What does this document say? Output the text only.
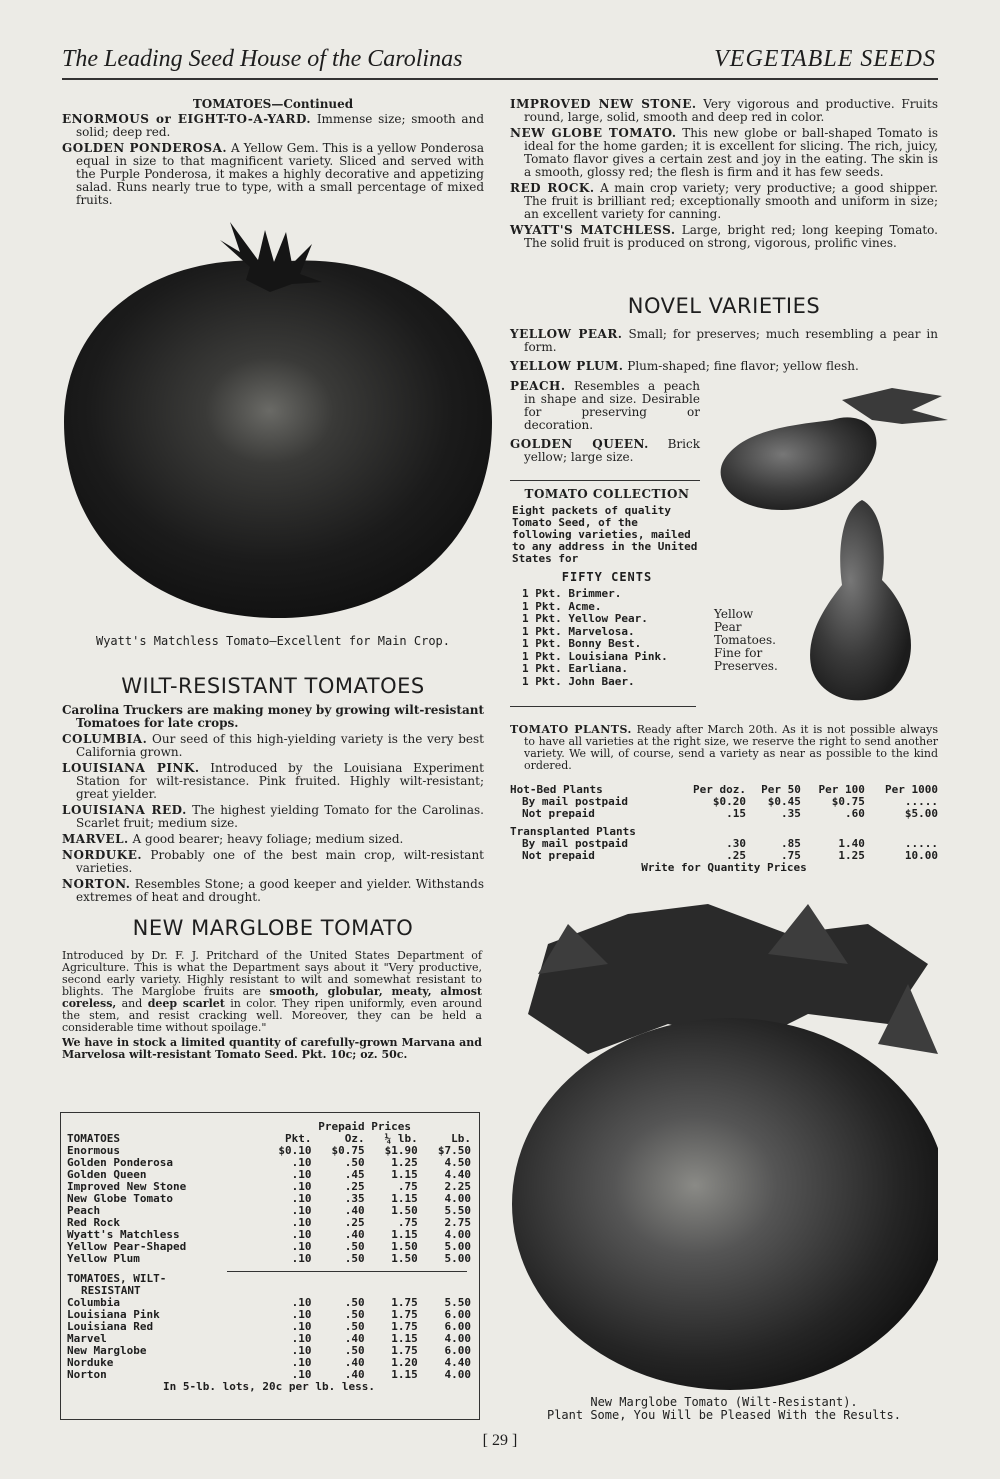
The Leading Seed House of the Carolinas	VEGETABLE SEEDS
TOMATOES—Continued

ENORMOUS or EIGHT-TO-A-YARD. Immense size; smooth and solid; deep red.

GOLDEN PONDEROSA. A Yellow Gem. This is a yellow Ponderosa equal in size to that magnificent variety. Sliced and served with the Purple Ponderosa, it makes a highly decorative and appetizing salad. Runs nearly true to type, with a small percentage of mixed fruits.

Wyatt's Matchless Tomato—Excellent for Main Crop.
WILT-RESISTANT TOMATOES

Carolina Truckers are making money by growing wilt-resistant Tomatoes for late crops.

COLUMBIA. Our seed of this high-yielding variety is the very best California grown.

LOUISIANA PINK. Introduced by the Louisiana Experiment Station for wilt-resistance. Pink fruited. Highly wilt-resistant; great yielder.

LOUISIANA RED. The highest yielding Tomato for the Carolinas. Scarlet fruit; medium size.

MARVEL. A good bearer; heavy foliage; medium sized.

NORDUKE. Probably one of the best main crop, wilt-resistant varieties.

NORTON. Resembles Stone; a good keeper and yielder. Withstands extremes of heat and drought.

NEW MARGLOBE TOMATO

Introduced by Dr. F. J. Pritchard of the United States Department of Agriculture. This is what the Department says about it "Very productive, second early variety. Highly resistant to wilt and somewhat resistant to blights. The Marglobe fruits are smooth, globular, meaty, almost coreless, and deep scarlet in color. They ripen uniformly, even around the stem, and resist cracking well. Moreover, they can be held a considerable time without spoilage."

We have in stock a limited quantity of carefully-grown Marvana and Marvelosa wilt-resistant Tomato Seed. Pkt. 10c; oz. 50c.

	Prepaid Prices			
TOMATOES	Pkt.	Oz.	¼ lb.	Lb.
Enormous	$0.10	$0.75	$1.90	$7.50
Golden Ponderosa	.10	.50	1.25	4.50
Golden Queen	.10	.45	1.15	4.40
Improved New Stone	.10	.25	.75	2.25
New Globe Tomato	.10	.35	1.15	4.00
Peach	.10	.40	1.50	5.50
Red Rock	.10	.25	.75	2.75
Wyatt's Matchless	.10	.40	1.15	4.00
Yellow Pear-Shaped	.10	.50	1.50	5.00
Yellow Plum	.10	.50	1.50	5.00

TOMATOES, WILT-				
RESISTANT				
Columbia	.10	.50	1.75	5.50
Louisiana Pink	.10	.50	1.75	6.00
Louisiana Red	.10	.50	1.75	6.00
Marvel	.10	.40	1.15	4.00
New Marglobe	.10	.50	1.75	6.00
Norduke	.10	.40	1.20	4.40
Norton	.10	.40	1.15	4.00
In 5-lb. lots, 20c per lb. less.				

IMPROVED NEW STONE. Very vigorous and productive. Fruits round, large, solid, smooth and deep red in color.

NEW GLOBE TOMATO. This new globe or ball-shaped Tomato is ideal for the home garden; it is excellent for slicing. The rich, juicy, Tomato flavor gives a certain zest and joy in the eating. The skin is a smooth, glossy red; the flesh is firm and it has few seeds.

RED ROCK. A main crop variety; very productive; a good shipper. The fruit is brilliant red; exceptionally smooth and uniform in size; an excellent variety for canning.

WYATT'S MATCHLESS. Large, bright red; long keeping Tomato. The solid fruit is produced on strong, vigorous, prolific vines.

NOVEL VARIETIES

YELLOW PEAR. Small; for preserves; much resembling a pear in form.

YELLOW PLUM. Plum-shaped; fine flavor; yellow flesh.

PEACH. Resembles a peach in shape and size. Desirable for preserving or decoration.

GOLDEN QUEEN. Brick yellow; large size.

Yellow
Pear
Tomatoes.
Fine for
Preserves.
TOMATO COLLECTION
Eight packets of quality Tomato Seed, of the following varieties, mailed to any address in the United States for
FIFTY CENTS
1 Pkt. Brimmer.
1 Pkt. Acme.
1 Pkt. Yellow Pear.
1 Pkt. Marvelosa.
1 Pkt. Bonny Best.
1 Pkt. Louisiana Pink.
1 Pkt. Earliana.
1 Pkt. John Baer.

TOMATO PLANTS. Ready after March 20th. As it is not possible always to have all varieties at the right size, we reserve the right to send another variety. We will, of course, send a variety as near as possible to the kind ordered.

Hot-Bed Plants	Per doz.	Per 50	Per 100	Per 1000
By mail postpaid	$0.20	$0.45	$0.75	.....
Not prepaid	.15	.35	.60	$5.00
Transplanted Plants				
By mail postpaid	.30	.85	1.40	.....
Not prepaid	.25	.75	1.25	10.00
Write for Quantity Prices				
New Marglobe Tomato (Wilt-Resistant).
Plant Some, You Will be Pleased With the Results.
[ 29 ]
